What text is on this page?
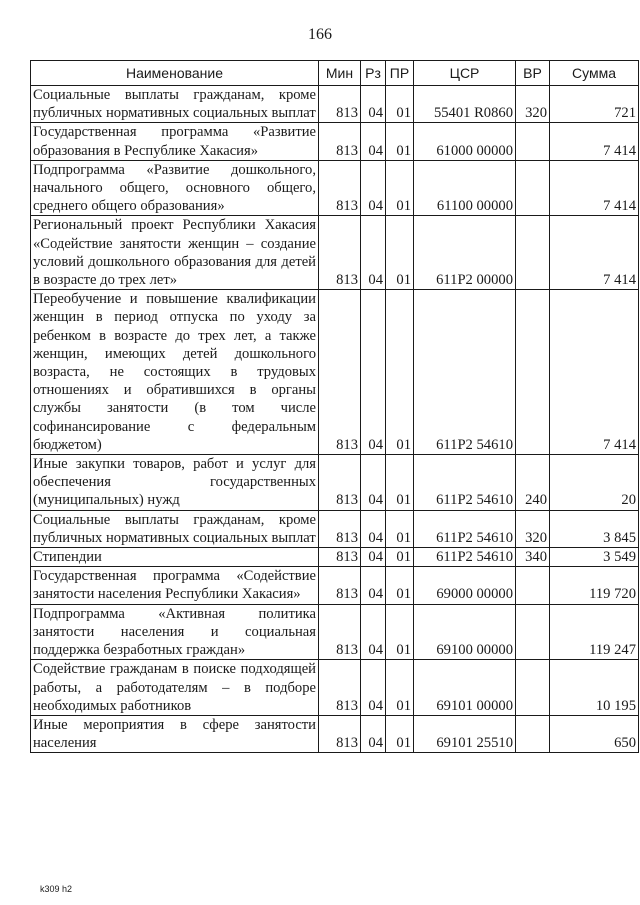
166
Наименование	Мин	Рз	ПР	ЦСР	ВР	Сумма
Социальные выплаты гражданам, кроме публичных нормативных социальных выплат	813	04	01	55401 R0860	320	721
Государственная программа «Развитие образования в Республике Хакасия»	813	04	01	61000 00000		7 414
Подпрограмма «Развитие дошкольного, начального общего, основного общего, среднего общего образования»	813	04	01	61100 00000		7 414
Региональный проект Республики Хакасия «Содействие занятости женщин – создание условий дошкольного образования для детей в возрасте до трех лет»	813	04	01	611P2 00000		7 414
Переобучение и повышение квалификации женщин в период отпуска по уходу за ребенком в возрасте до трех лет, а также женщин, имеющих детей дошкольного возраста, не состоящих в трудовых отношениях и обратившихся в органы службы занятости (в том числе софинансирование с федеральным бюджетом)	813	04	01	611P2 54610		7 414
Иные закупки товаров, работ и услуг для обеспечения государственных (муниципальных) нужд	813	04	01	611P2 54610	240	20
Социальные выплаты гражданам, кроме публичных нормативных социальных выплат	813	04	01	611P2 54610	320	3 845
Стипендии	813	04	01	611P2 54610	340	3 549
Государственная программа «Содействие занятости населения Республики Хакасия»	813	04	01	69000 00000		119 720
Подпрограмма «Активная политика занятости населения и социальная поддержка безработных граждан»	813	04	01	69100 00000		119 247
Содействие гражданам в поиске подходящей работы, а работодателям – в подборе необходимых работников	813	04	01	69101 00000		10 195
Иные мероприятия в сфере занятости населения	813	04	01	69101 25510		650
k309 h2
